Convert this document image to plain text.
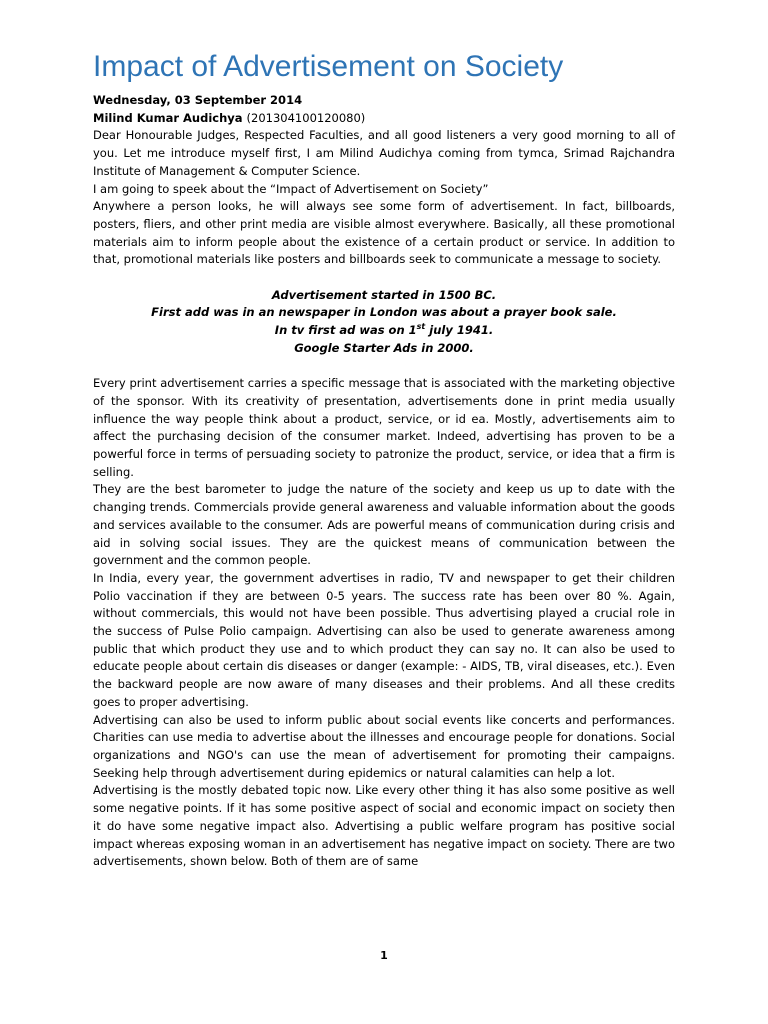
Impact of Advertisement on Society
Wednesday, 03 September 2014
Milind Kumar Audichya (201304100120080)

Dear Honourable Judges, Respected Faculties, and all good listeners a very good morning to all of you. Let me introduce myself first, I am Milind Audichya coming from tymca, Srimad Rajchandra Institute of Management & Computer Science.

I am going to speek about the “Impact of Advertisement on Society”

Anywhere a person looks, he will always see some form of advertisement. In fact, billboards, posters, fliers, and other print media are visible almost everywhere. Basically, all these promotional materials aim to inform people about the existence of a certain product or service. In addition to that, promotional materials like posters and billboards seek to communicate a message to society.

Advertisement started in 1500 BC.
First add was in an newspaper in London was about a prayer book sale.
In tv first ad was on 1st july 1941.
Google Starter Ads in 2000.

Every print advertisement carries a specific message that is associated with the marketing objective of the sponsor. With its creativity of presentation, advertisements done in print media usually influence the way people think about a product, service, or id ea. Mostly, advertisements aim to affect the purchasing decision of the consumer market. Indeed, advertising has proven to be a powerful force in terms of persuading society to patronize the product, service, or idea that a firm is selling.

They are the best barometer to judge the nature of the society and keep us up to date with the changing trends. Commercials provide general awareness and valuable information about the goods and services available to the consumer. Ads are powerful means of communication during crisis and aid in solving social issues. They are the quickest means of communication between the government and the common people.

In India, every year, the government advertises in radio, TV and newspaper to get their children Polio vaccination if they are between 0-5 years. The success rate has been over 80 %. Again, without commercials, this would not have been possible. Thus advertising played a crucial role in the success of Pulse Polio campaign. Advertising can also be used to generate awareness among public that which product they use and to which product they can say no. It can also be used to educate people about certain dis diseases or danger (example: - AIDS, TB, viral diseases, etc.). Even the backward people are now aware of many diseases and their problems. And all these credits goes to proper advertising.

Advertising can also be used to inform public about social events like concerts and performances. Charities can use media to advertise about the illnesses and encourage people for donations. Social organizations and NGO's can use the mean of advertisement for promoting their campaigns. Seeking help through advertisement during epidemics or natural calamities can help a lot.

Advertising is the mostly debated topic now. Like every other thing it has also some positive as well some negative points. If it has some positive aspect of social and economic impact on society then it do have some negative impact also. Advertising a public welfare program has positive social impact whereas exposing woman in an advertisement has negative impact on society. There are two advertisements, shown below. Both of them are of same

1
